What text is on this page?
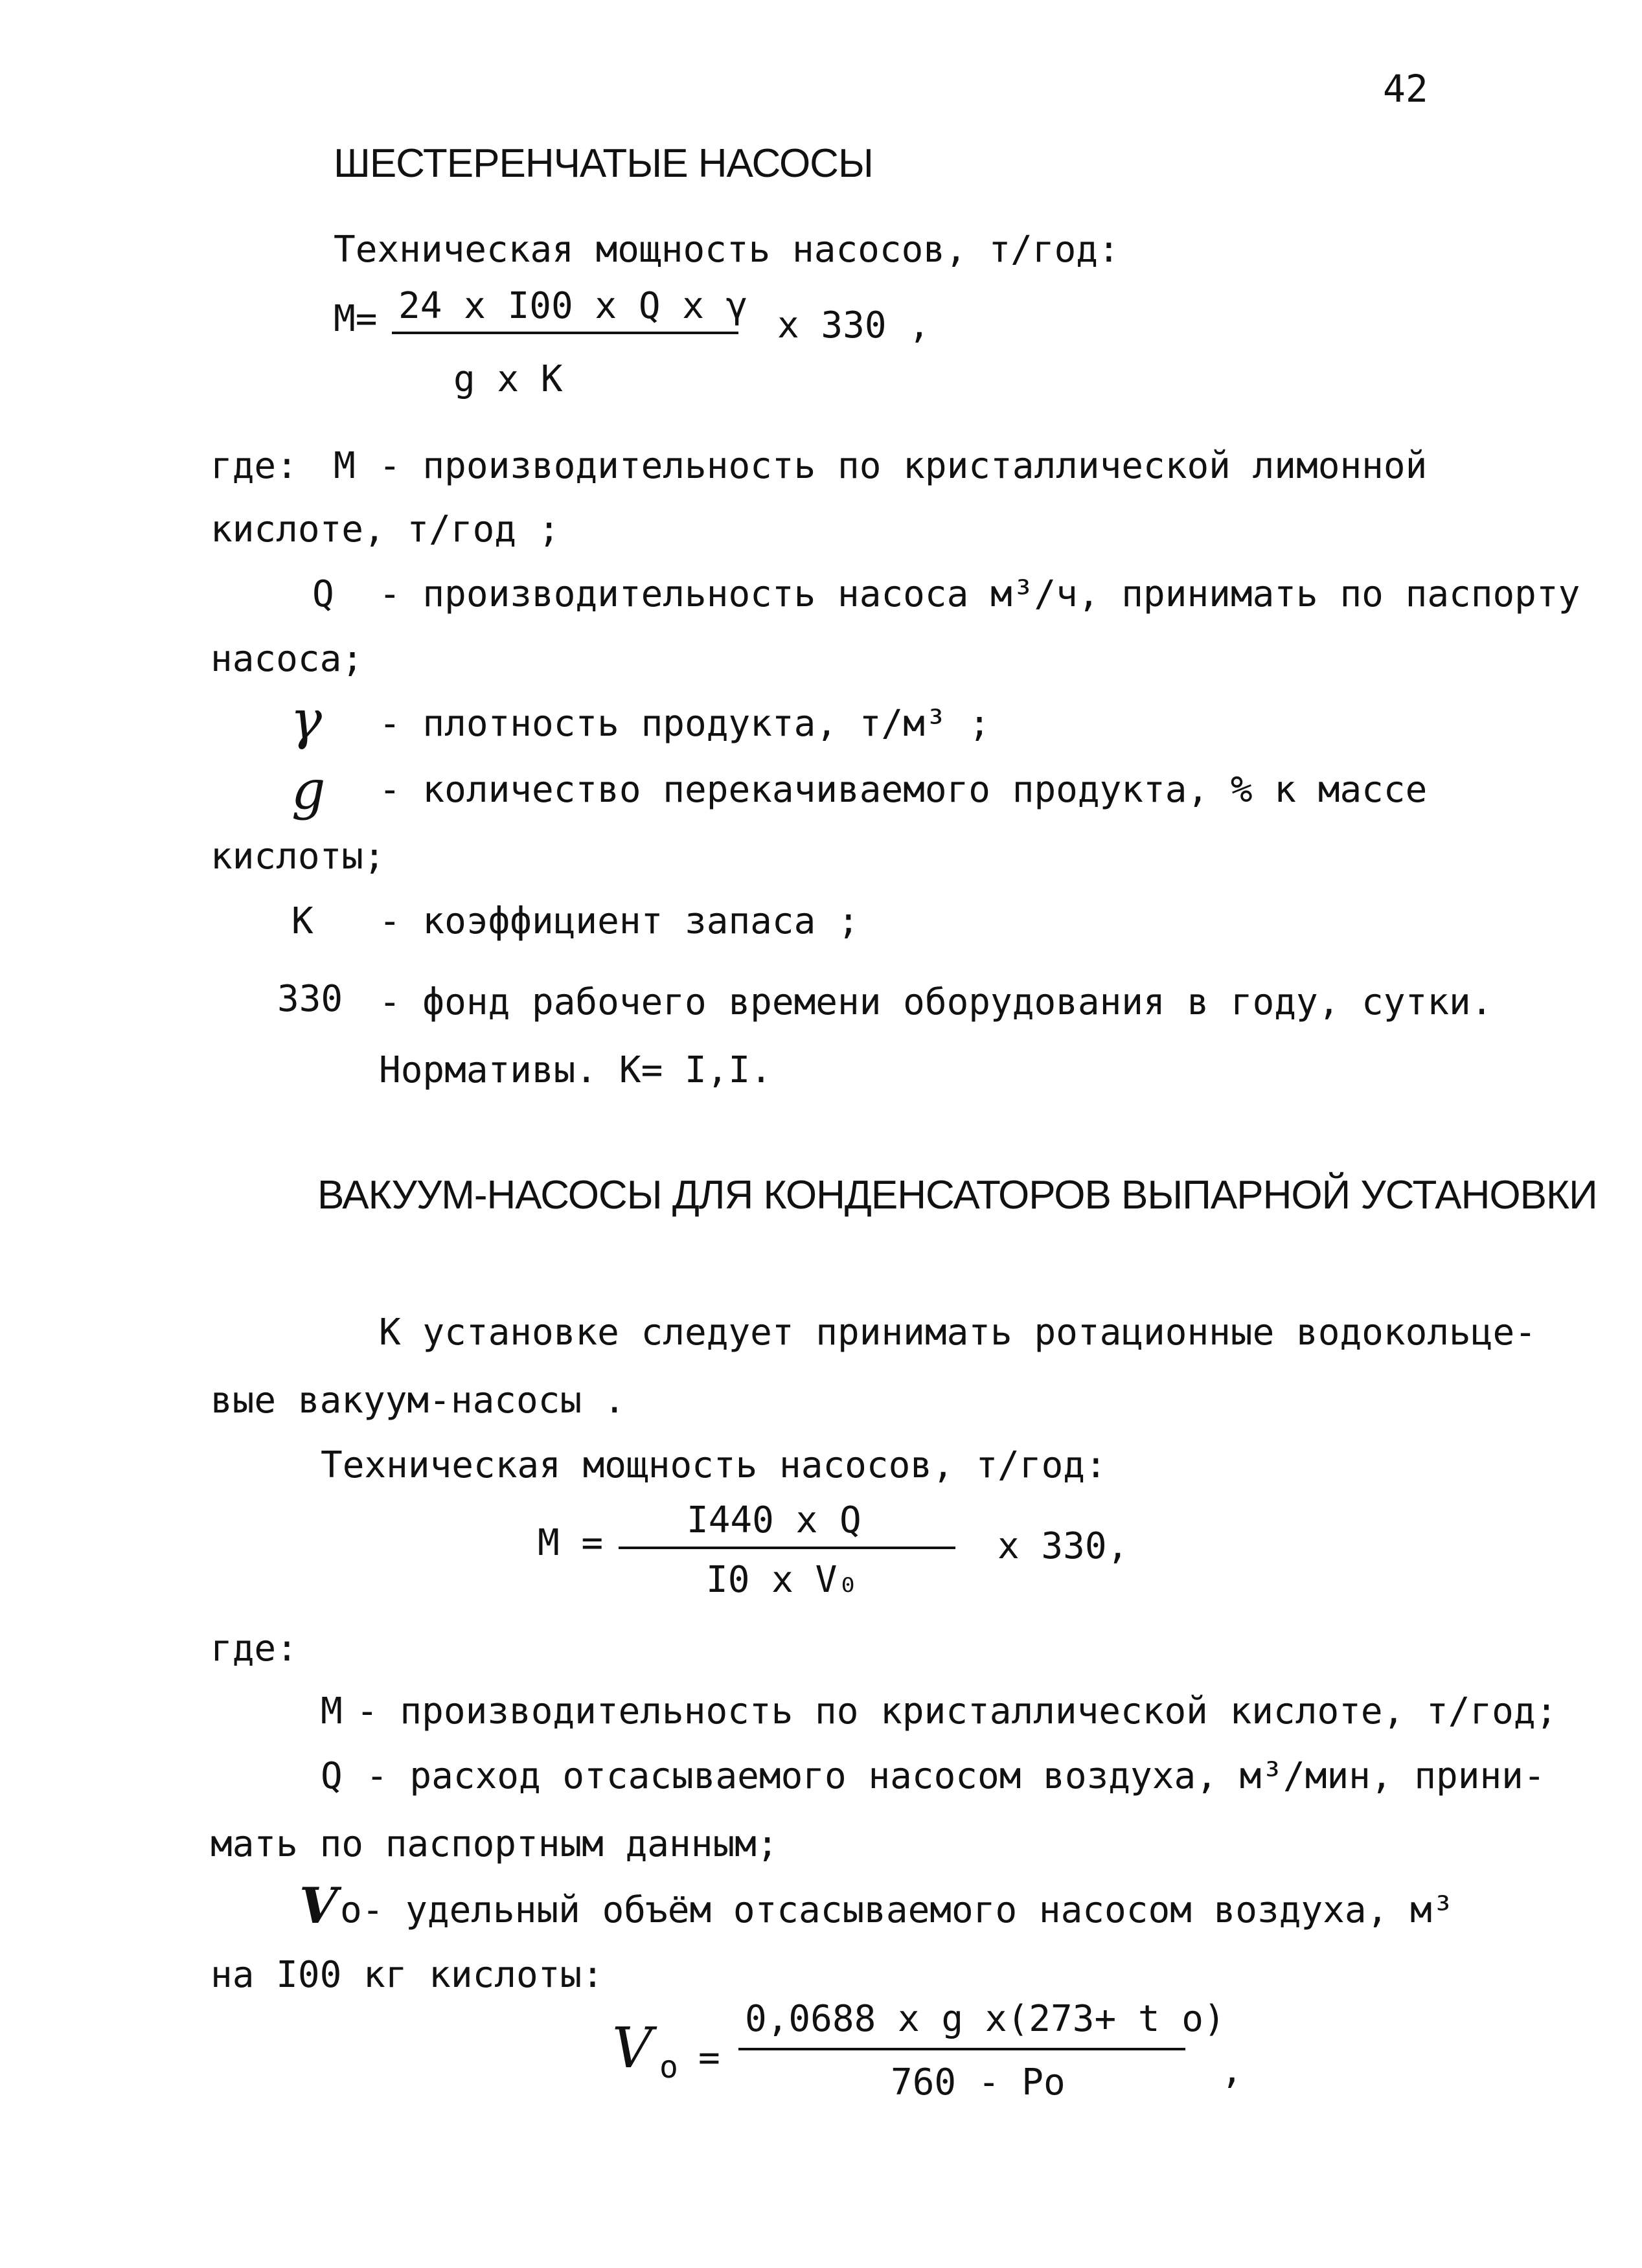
42
ШЕСТЕРЕНЧАТЫЕ НАСОСЫ
Техническая мощность насосов, т/год:
M= 24 x I00 x Q x γ
g x K
x 330 ,
где: M - производительность по кристаллической лимонной
кислоте, т/год ;
Q - производительность насоса м³/ч, принимать по паспорту
насоса;
γ - плотность продукта, т/м³ ;
g - количество перекачиваемого продукта, % к массе
кислоты;
K - коэффициент запаса ;
330 - фонд рабочего времени оборудования в году, сутки.
Нормативы. K= I,I.
ВАКУУМ-НАСОСЫ ДЛЯ КОНДЕНСАТОРОВ ВЫПАРНОЙ УСТАНОВКИ
К установке следует принимать ротационные водокольце-
вые вакуум-насосы .
Техническая мощность насосов, т/год:
M =
I440 x Q
I0 x V₀
x 330,
где:
M - производительность по кристаллической кислоте, т/год;
Q - расход отсасываемого насосом воздуха, м³/мин, прини-
мать по паспортным данным;
V o- удельный объём отсасываемого насосом воздуха, м³
на I00 кг кислоты:
V o =
0,0688 x g x(273+ t o)
760 - Po	,
